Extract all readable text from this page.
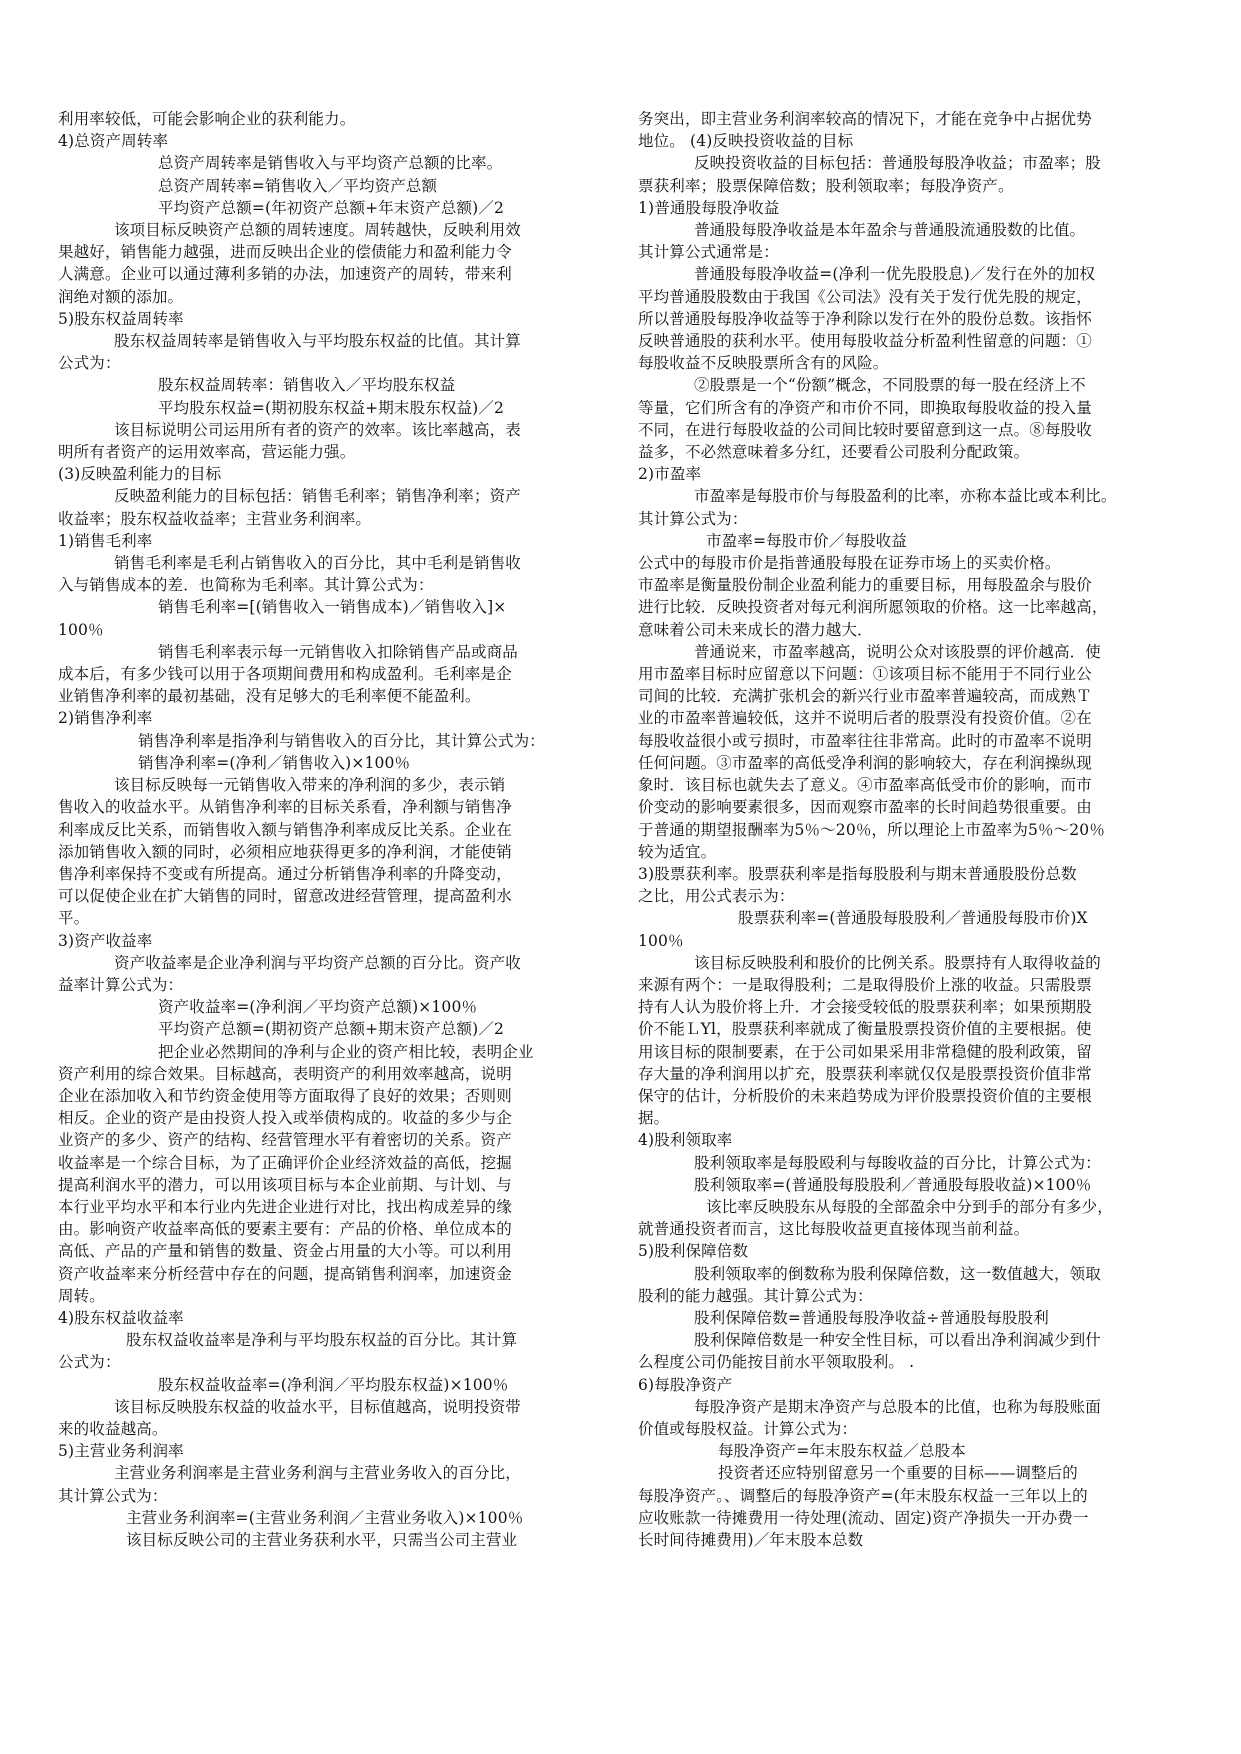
利用率较低，可能会影响企业的获利能力。
4)总资产周转率
总资产周转率是销售收入与平均资产总额的比率。
总资产周转率=销售收入／平均资产总额
平均资产总额=(年初资产总额+年末资产总额)／2
该项目标反映资产总额的周转速度。周转越快，反映利用效
果越好，销售能力越强，进而反映出企业的偿债能力和盈利能力令
人满意。企业可以通过薄利多销的办法，加速资产的周转，带来利
润绝对额的添加。
5)股东权益周转率
股东权益周转率是销售收入与平均股东权益的比值。其计算
公式为：
股东权益周转率：销售收入／平均股东权益
平均股东权益=(期初股东权益+期末股东权益)／2
该目标说明公司运用所有者的资产的效率。该比率越高，表
明所有者资产的运用效率高，营运能力强。
(3)反映盈利能力的目标
反映盈利能力的目标包括：销售毛利率；销售净利率；资产
收益率；股东权益收益率；主营业务利润率。
1)销售毛利率
销售毛利率是毛利占销售收入的百分比，其中毛利是销售收
入与销售成本的差．也简称为毛利率。其计算公式为：
销售毛利率=[(销售收入一销售成本)／销售收入]×
100％
销售毛利率表示每一元销售收入扣除销售产品或商品
成本后，有多少钱可以用于各项期间费用和构成盈利。毛利率是企
业销售净利率的最初基础，没有足够大的毛利率便不能盈利。
2)销售净利率
销售净利率是指净利与销售收入的百分比，其计算公式为：
销售净利率=(净利／销售收入)×100％
该目标反映每一元销售收入带来的净利润的多少，表示销
售收入的收益水平。从销售净利率的目标关系看，净利额与销售净
利率成反比关系，而销售收入额与销售净利率成反比关系。企业在
添加销售收入额的同时，必须相应地获得更多的净利润，才能使销
售净利率保持不变或有所提高。通过分析销售净利率的升降变动，
可以促使企业在扩大销售的同时，留意改进经营管理，提高盈利水
平。
3)资产收益率
资产收益率是企业净利润与平均资产总额的百分比。资产收
益率计算公式为：
资产收益率=(净利润／平均资产总额)×100％
平均资产总额=(期初资产总额+期末资产总额)／2
把企业必然期间的净利与企业的资产相比较，表明企业
资产利用的综合效果。目标越高，表明资产的利用效率越高，说明
企业在添加收入和节约资金使用等方面取得了良好的效果；否则则
相反。企业的资产是由投资人投入或举债构成的。收益的多少与企
业资产的多少、资产的结构、经营管理水平有着密切的关系。资产
收益率是一个综合目标，为了正确评价企业经济效益的高低，挖掘
提高利润水平的潜力，可以用该项目标与本企业前期、与计划、与
本行业平均水平和本行业内先进企业进行对比，找出构成差异的缘
由。影响资产收益率高低的要素主要有：产品的价格、单位成本的
高低、产品的产量和销售的数量、资金占用量的大小等。可以利用
资产收益率来分析经营中存在的问题，提高销售利润率，加速资金
周转。
4)股东权益收益率
股东权益收益率是净利与平均股东权益的百分比。其计算
公式为：
股东权益收益率=(净利润／平均股东权益)×100％
该目标反映股东权益的收益水平，目标值越高，说明投资带
来的收益越高。
5)主营业务利润率
主营业务利润率是主营业务利润与主营业务收入的百分比，
其计算公式为：
主营业务利润率=(主营业务利润／主营业务收入)×100％
该目标反映公司的主营业务获利水平，只需当公司主营业
务突出，即主营业务利润率较高的情况下，才能在竞争中占据优势
地位。 (4)反映投资收益的目标
反映投资收益的目标包括：普通股每股净收益；市盈率；股
票获利率；股票保障倍数；股利领取率；每股净资产。
1)普通股每股净收益
普通股每股净收益是本年盈余与普通股流通股数的比值。
其计算公式通常是：
普通股每股净收益=(净利一优先股股息)／发行在外的加权
平均普通股股数由于我国《公司法》没有关于发行优先股的规定，
所以普通股每股净收益等于净利除以发行在外的股份总数。该指怀
反映普通股的获利水平。使用每股收益分析盈利性留意的问题：①
每股收益不反映股票所含有的风险。
②股票是一个“份额”概念，不同股票的每一股在经济上不
等量，它们所含有的净资产和市价不同，即换取每股收益的投入量
不同，在进行每股收益的公司间比较时要留意到这一点。⑧每股收
益多，不必然意味着多分红，还要看公司股利分配政策。
2)市盈率
市盈率是每股市价与每股盈利的比率，亦称本益比或本利比。
其计算公式为：
市盈率=每股市价／每股收益
公式中的每股市价是指普通股每股在证券市场上的买卖价格。
市盈率是衡量股份制企业盈利能力的重要目标，用每股盈余与股价
进行比较．反映投资者对每元利润所愿领取的价格。这一比率越高，
意味着公司未来成长的潜力越大．
普通说来，市盈率越高，说明公众对该股票的评价越高．使
用市盈率目标时应留意以下问题：①该项目标不能用于不同行业公
司间的比较．充满扩张机会的新兴行业市盈率普遍较高，而成熟Ｔ
业的市盈率普遍较低，这并不说明后者的股票没有投资价值。②在
每股收益很小或亏损时，市盈率往往非常高。此时的市盈率不说明
任何问题。③市盈率的高低受净利润的影响较大，存在利润操纵现
象时．该目标也就失去了意义。④市盈率高低受市价的影响，而市
价变动的影响要素很多，因而观察市盈率的长时间趋势很重要。由
于普通的期望报酬率为5％～20％，所以理论上市盈率为5％～20％
较为适宜。
3)股票获利率。股票获利率是指每股股利与期末普通股股份总数
之比，用公式表示为：
股票获利率=(普通股每股股利／普通股每股市价)X
100％
该目标反映股利和股价的比例关系。股票持有人取得收益的
来源有两个：一是取得股利；二是取得股价上涨的收益。只需股票
持有人认为股价将上升．才会接受较低的股票获利率；如果预期股
价不能ＬYl，股票获利率就成了衡量股票投资价值的主要根据。使
用该目标的限制要素，在于公司如果采用非常稳健的股利政策，留
存大量的净利润用以扩充，股票获利率就仅仅是股票投资价值非常
保守的估计，分析股价的未来趋势成为评价股票投资价值的主要根
据。
4)股利领取率
股利领取率是每股殴利与每睃收益的百分比，计算公式为：
股利领取率=(普通股每股股利／普通股每股收益)×100％
该比率反映股东从每股的全部盈余中分到手的部分有多少，
就普通投资者而言，这比每股收益更直接体现当前利益。
5)股利保障倍数
股利领取率的倒数称为股利保障倍数，这一数值越大，领取
股利的能力越强。其计算公式为：
股利保障倍数=普通股每股净收益÷普通股每股股利
股利保障倍数是一种安全性目标，可以看出净利润减少到什
么程度公司仍能按目前水平领取股利。 .
6)每股净资产
每股净资产是期末净资产与总股本的比值，也称为每股账面
价值或每股权益。计算公式为：
每股净资产=年末股东权益／总股本
投资者还应特别留意另一个重要的目标——调整后的
每股净资产。、调整后的每股净资产=(年末股东权益一三年以上的
应收账款一待摊费用一待处理(流动、固定)资产净损失一开办费一
长时间待摊费用)／年末股本总数
